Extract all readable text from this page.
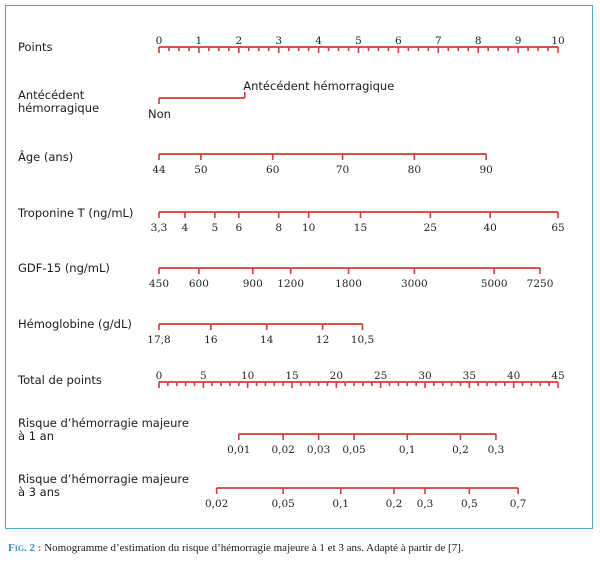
Points	0	1	2	3	4	5	6	7	8	9	10
Antécédent
hémorragique	Non
Antécédent hémorragique
Âge (ans)
44	50	60	70	80	90
Troponine T (ng/mL)
3,3 4 5 6	8 10	15	25	40	65
GDF-15 (ng/mL)
450 600	900 1200	1800	3000	5000 7250
Hémoglobine (g/dL)
17,8	16	14	12 10,5
Total de points	0	5	10	15	20	25	30	35	40	45
Risque d’hémorragie majeure
à 1 an
0,01 0,02 0,03 0,05	0,1	0,2 0,3
Risque d’hémorragie majeure
à 3 ans
0,02	0,05	0,1	0,2 0,3	0,5	0,7
Fig. 2 : Nomogramme d’estimation du risque d’hémorragie majeure à 1 et 3 ans. Adapté à partir de [7].
